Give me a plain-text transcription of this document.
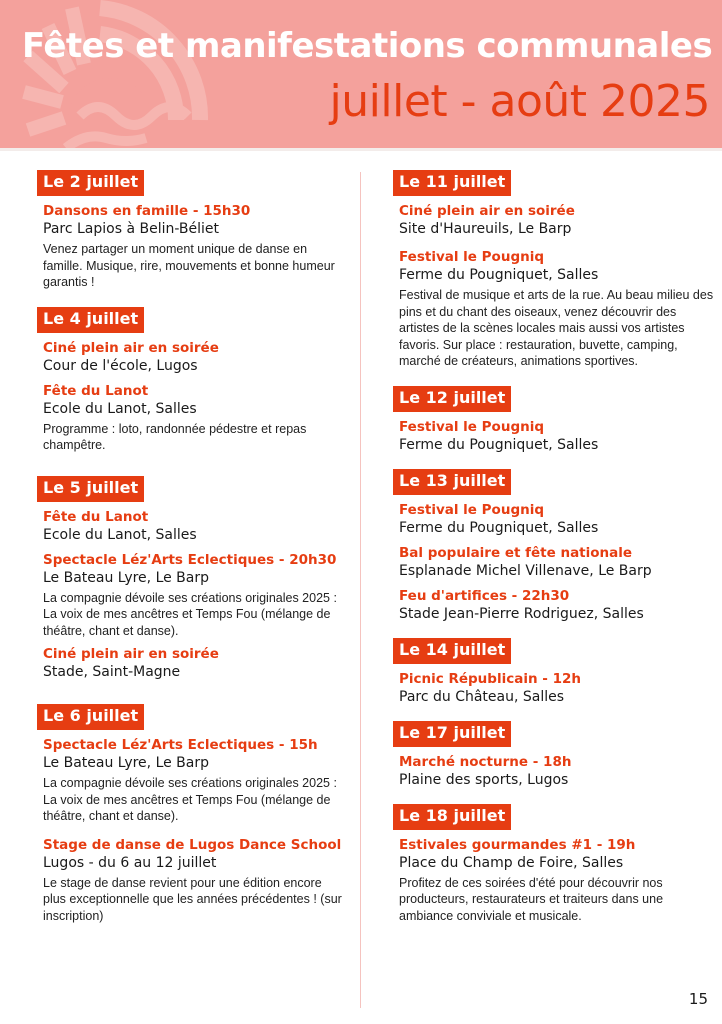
Fêtes et manifestations communales
juillet - août 2025
Le 2 juillet
Dansons en famille - 15h30
Parc Lapios à Belin-Béliet
Venez partager un moment unique de danse en famille. Musique, rire, mouvements et bonne humeur garantis !
Le 4 juillet
Ciné plein air en soirée
Cour de l'école, Lugos
Fête du Lanot
Ecole du Lanot, Salles
Programme : loto, randonnée pédestre et repas champêtre.
Le 5 juillet
Fête du Lanot
Ecole du Lanot, Salles
Spectacle Léz'Arts Eclectiques - 20h30
Le Bateau Lyre, Le Barp
La compagnie dévoile ses créations originales 2025 : La voix de mes ancêtres et Temps Fou (mélange de théâtre, chant et danse).
Ciné plein air en soirée
Stade, Saint-Magne
Le 6 juillet
Spectacle Léz'Arts Eclectiques - 15h
Le Bateau Lyre, Le Barp
La compagnie dévoile ses créations originales 2025 : La voix de mes ancêtres et Temps Fou (mélange de théâtre, chant et danse).
Stage de danse de Lugos Dance School
Lugos - du 6 au 12 juillet
Le stage de danse revient pour une édition encore plus exceptionnelle que les années précédentes ! (sur inscription)
Le 11 juillet
Ciné plein air en soirée
Site d'Haureuils, Le Barp
Festival le Pougniq
Ferme du Pougniquet, Salles
Festival de musique et arts de la rue. Au beau milieu des pins et du chant des oiseaux, venez découvrir des artistes de la scènes locales mais aussi vos artistes favoris. Sur place : restauration, buvette, camping, marché de créateurs, animations sportives.
Le 12 juillet
Festival le Pougniq
Ferme du Pougniquet, Salles
Le 13 juillet
Festival le Pougniq
Ferme du Pougniquet, Salles
Bal populaire et fête nationale
Esplanade Michel Villenave, Le Barp
Feu d'artifices - 22h30
Stade Jean-Pierre Rodriguez, Salles
Le 14 juillet
Picnic Républicain - 12h
Parc du Château, Salles
Le 17 juillet
Marché nocturne - 18h
Plaine des sports, Lugos
Le 18 juillet
Estivales gourmandes #1 - 19h
Place du Champ de Foire, Salles
Profitez de ces soirées d'été pour découvrir nos producteurs, restaurateurs et traiteurs dans une ambiance conviviale et musicale.
15
